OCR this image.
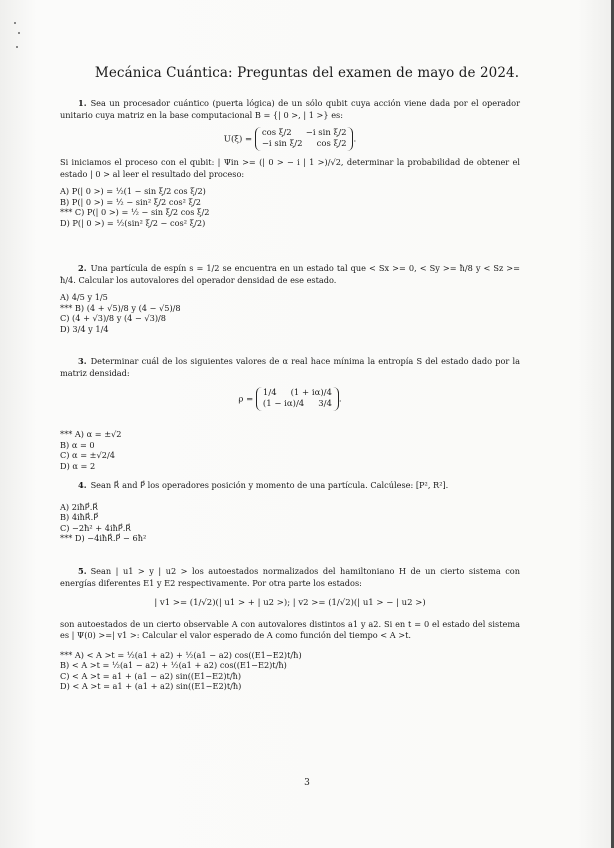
Mecánica Cuántica: Preguntas del examen de mayo de 2024.

1. Sea un procesador cuántico (puerta lógica) de un sólo qubit cuya acción viene dada por el operador unitario cuya matriz en la base computacional B = {| 0 >, | 1 >} es:

U(ξ) =
cos ξ/2 −i sin ξ/2
−i sin ξ/2 cos ξ/2 .

Si iniciamos el proceso con el qubit: | Ψin >= (| 0 > − i | 1 >)/√2, determinar la probabilidad de obtener el estado | 0 > al leer el resultado del proceso:

A) P(| 0 >) = ½(1 − sin ξ/2 cos ξ/2)
B) P(| 0 >) = ½ − sin² ξ/2 cos² ξ/2
*** C) P(| 0 >) = ½ − sin ξ/2 cos ξ/2
D) P(| 0 >) = ½(sin² ξ/2 − cos² ξ/2)

2. Una partícula de espín s = 1/2 se encuentra en un estado tal que < Sx >= 0, < Sy >= ħ/8 y < Sz >= ħ/4. Calcular los autovalores del operador densidad de ese estado.

A) 4/5 y 1/5
*** B) (4 + √5)/8 y (4 − √5)/8
C) (4 + √3)/8 y (4 − √3)/8
D) 3/4 y 1/4

3. Determinar cuál de los siguientes valores de α real hace mínima la entropía S del estado dado por la matriz densidad:

ρ =
1/4 (1 + iα)/4
(1 − iα)/4 3/4 .
*** A) α = ±√2
B) α = 0
C) α = ±√2/4
D) α = 2

4. Sean R⃗ and P⃗ los operadores posición y momento de una partícula. Calcúlese: [P², R²].

A) 2iħP⃗.R⃗
B) 4iħR⃗.P⃗
C) −2ħ² + 4iħP⃗.R⃗
*** D) −4iħR⃗.P⃗ − 6ħ²

5. Sean | u1 > y | u2 > los autoestados normalizados del hamiltoniano H de un cierto sistema con energías diferentes E1 y E2 respectivamente. Por otra parte los estados:

| v1 >= (1/√2)(| u1 > + | u2 >); | v2 >= (1/√2)(| u1 > − | u2 >)

son autoestados de un cierto observable A con autovalores distintos a1 y a2. Si en t = 0 el estado del sistema es | Ψ(0) >=| v1 >: Calcular el valor esperado de A como función del tiempo < A >t.

*** A) < A >t = ½(a1 + a2) + ½(a1 − a2) cos((E1−E2)t/ħ)
B) < A >t = ½(a1 − a2) + ½(a1 + a2) cos((E1−E2)t/ħ)
C) < A >t = a1 + (a1 − a2) sin((E1−E2)t/ħ)
D) < A >t = a1 + (a1 + a2) sin((E1−E2)t/ħ)
3
